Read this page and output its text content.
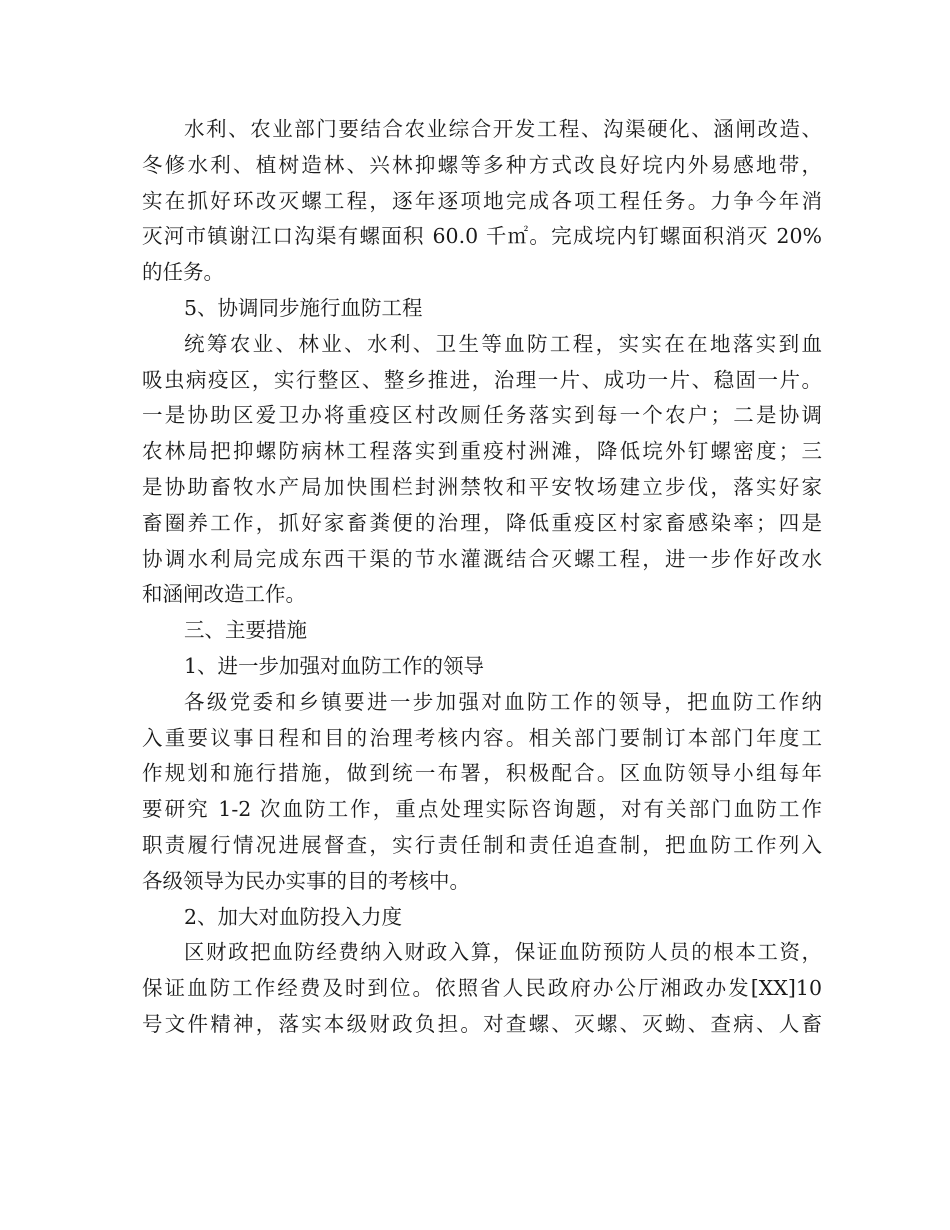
水利、农业部门要结合农业综合开发工程、沟渠硬化、涵闸改造、
冬修水利、植树造林、兴林抑螺等多种方式改良好垸内外易感地带，
实在抓好环改灭螺工程，逐年逐项地完成各项工程任务。力争今年消
灭河市镇谢江口沟渠有螺面积 60.0 千㎡。完成垸内钉螺面积消灭 20%
的任务。
5、协调同步施行血防工程
统筹农业、林业、水利、卫生等血防工程，实实在在地落实到血
吸虫病疫区，实行整区、整乡推进，治理一片、成功一片、稳固一片。
一是协助区爱卫办将重疫区村改厕任务落实到每一个农户；二是协调
农林局把抑螺防病林工程落实到重疫村洲滩，降低垸外钉螺密度；三
是协助畜牧水产局加快围栏封洲禁牧和平安牧场建立步伐，落实好家
畜圈养工作，抓好家畜粪便的治理，降低重疫区村家畜感染率；四是
协调水利局完成东西干渠的节水灌溉结合灭螺工程，进一步作好改水
和涵闸改造工作。
三、主要措施
1、进一步加强对血防工作的领导
各级党委和乡镇要进一步加强对血防工作的领导，把血防工作纳
入重要议事日程和目的治理考核内容。相关部门要制订本部门年度工
作规划和施行措施，做到统一布署，积极配合。区血防领导小组每年
要研究 1-2 次血防工作，重点处理实际咨询题，对有关部门血防工作
职责履行情况进展督查，实行责任制和责任追查制，把血防工作列入
各级领导为民办实事的目的考核中。
2、加大对血防投入力度
区财政把血防经费纳入财政入算，保证血防预防人员的根本工资，
保证血防工作经费及时到位。依照省人民政府办公厅湘政办发[XX]10
号文件精神，落实本级财政负担。对查螺、灭螺、灭蚴、查病、人畜
